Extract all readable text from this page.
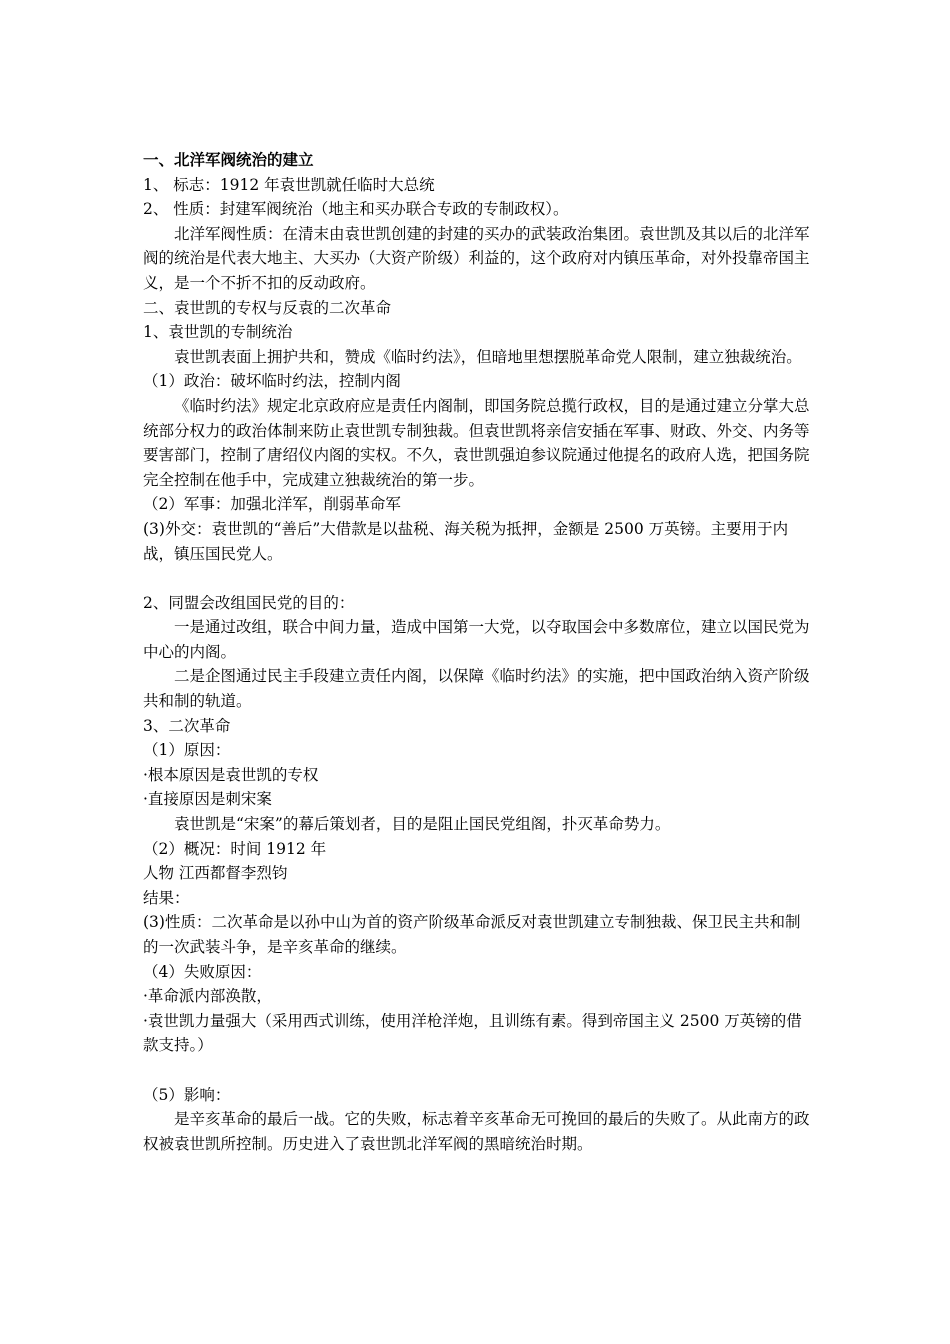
一、北洋军阀统治的建立

1、 标志：1912 年袁世凯就任临时大总统

2、 性质：封建军阀统治（地主和买办联合专政的专制政权）。

北洋军阀性质：在清末由袁世凯创建的封建的买办的武装政治集团。袁世凯及其以后的北洋军阀的统治是代表大地主、大买办（大资产阶级）利益的，这个政府对内镇压革命，对外投靠帝国主义，是一个不折不扣的反动政府。

二、袁世凯的专权与反袁的二次革命

1、袁世凯的专制统治

袁世凯表面上拥护共和，赞成《临时约法》，但暗地里想摆脱革命党人限制，建立独裁统治。

（1）政治：破坏临时约法，控制内阁

《临时约法》规定北京政府应是责任内阁制，即国务院总揽行政权，目的是通过建立分掌大总统部分权力的政治体制来防止袁世凯专制独裁。但袁世凯将亲信安插在军事、财政、外交、内务等要害部门，控制了唐绍仪内阁的实权。不久，袁世凯强迫参议院通过他提名的政府人选，把国务院完全控制在他手中，完成建立独裁统治的第一步。

（2）军事：加强北洋军，削弱革命军

(3)外交：袁世凯的“善后”大借款是以盐税、海关税为抵押，金额是 2500 万英镑。主要用于内战，镇压国民党人。

2、同盟会改组国民党的目的：

一是通过改组，联合中间力量，造成中国第一大党，以夺取国会中多数席位，建立以国民党为中心的内阁。

二是企图通过民主手段建立责任内阁，以保障《临时约法》的实施，把中国政治纳入资产阶级共和制的轨道。

3、二次革命

（1）原因：

·根本原因是袁世凯的专权

·直接原因是刺宋案

袁世凯是“宋案”的幕后策划者，目的是阻止国民党组阁，扑灭革命势力。

（2）概况：时间 1912 年

人物 江西都督李烈钧

结果：

(3)性质：二次革命是以孙中山为首的资产阶级革命派反对袁世凯建立专制独裁、保卫民主共和制的一次武装斗争，是辛亥革命的继续。

（4）失败原因：

·革命派内部涣散，

·袁世凯力量强大（采用西式训练，使用洋枪洋炮，且训练有素。得到帝国主义 2500 万英镑的借款支持。）

（5）影响：

是辛亥革命的最后一战。它的失败，标志着辛亥革命无可挽回的最后的失败了。从此南方的政权被袁世凯所控制。历史进入了袁世凯北洋军阀的黑暗统治时期。
